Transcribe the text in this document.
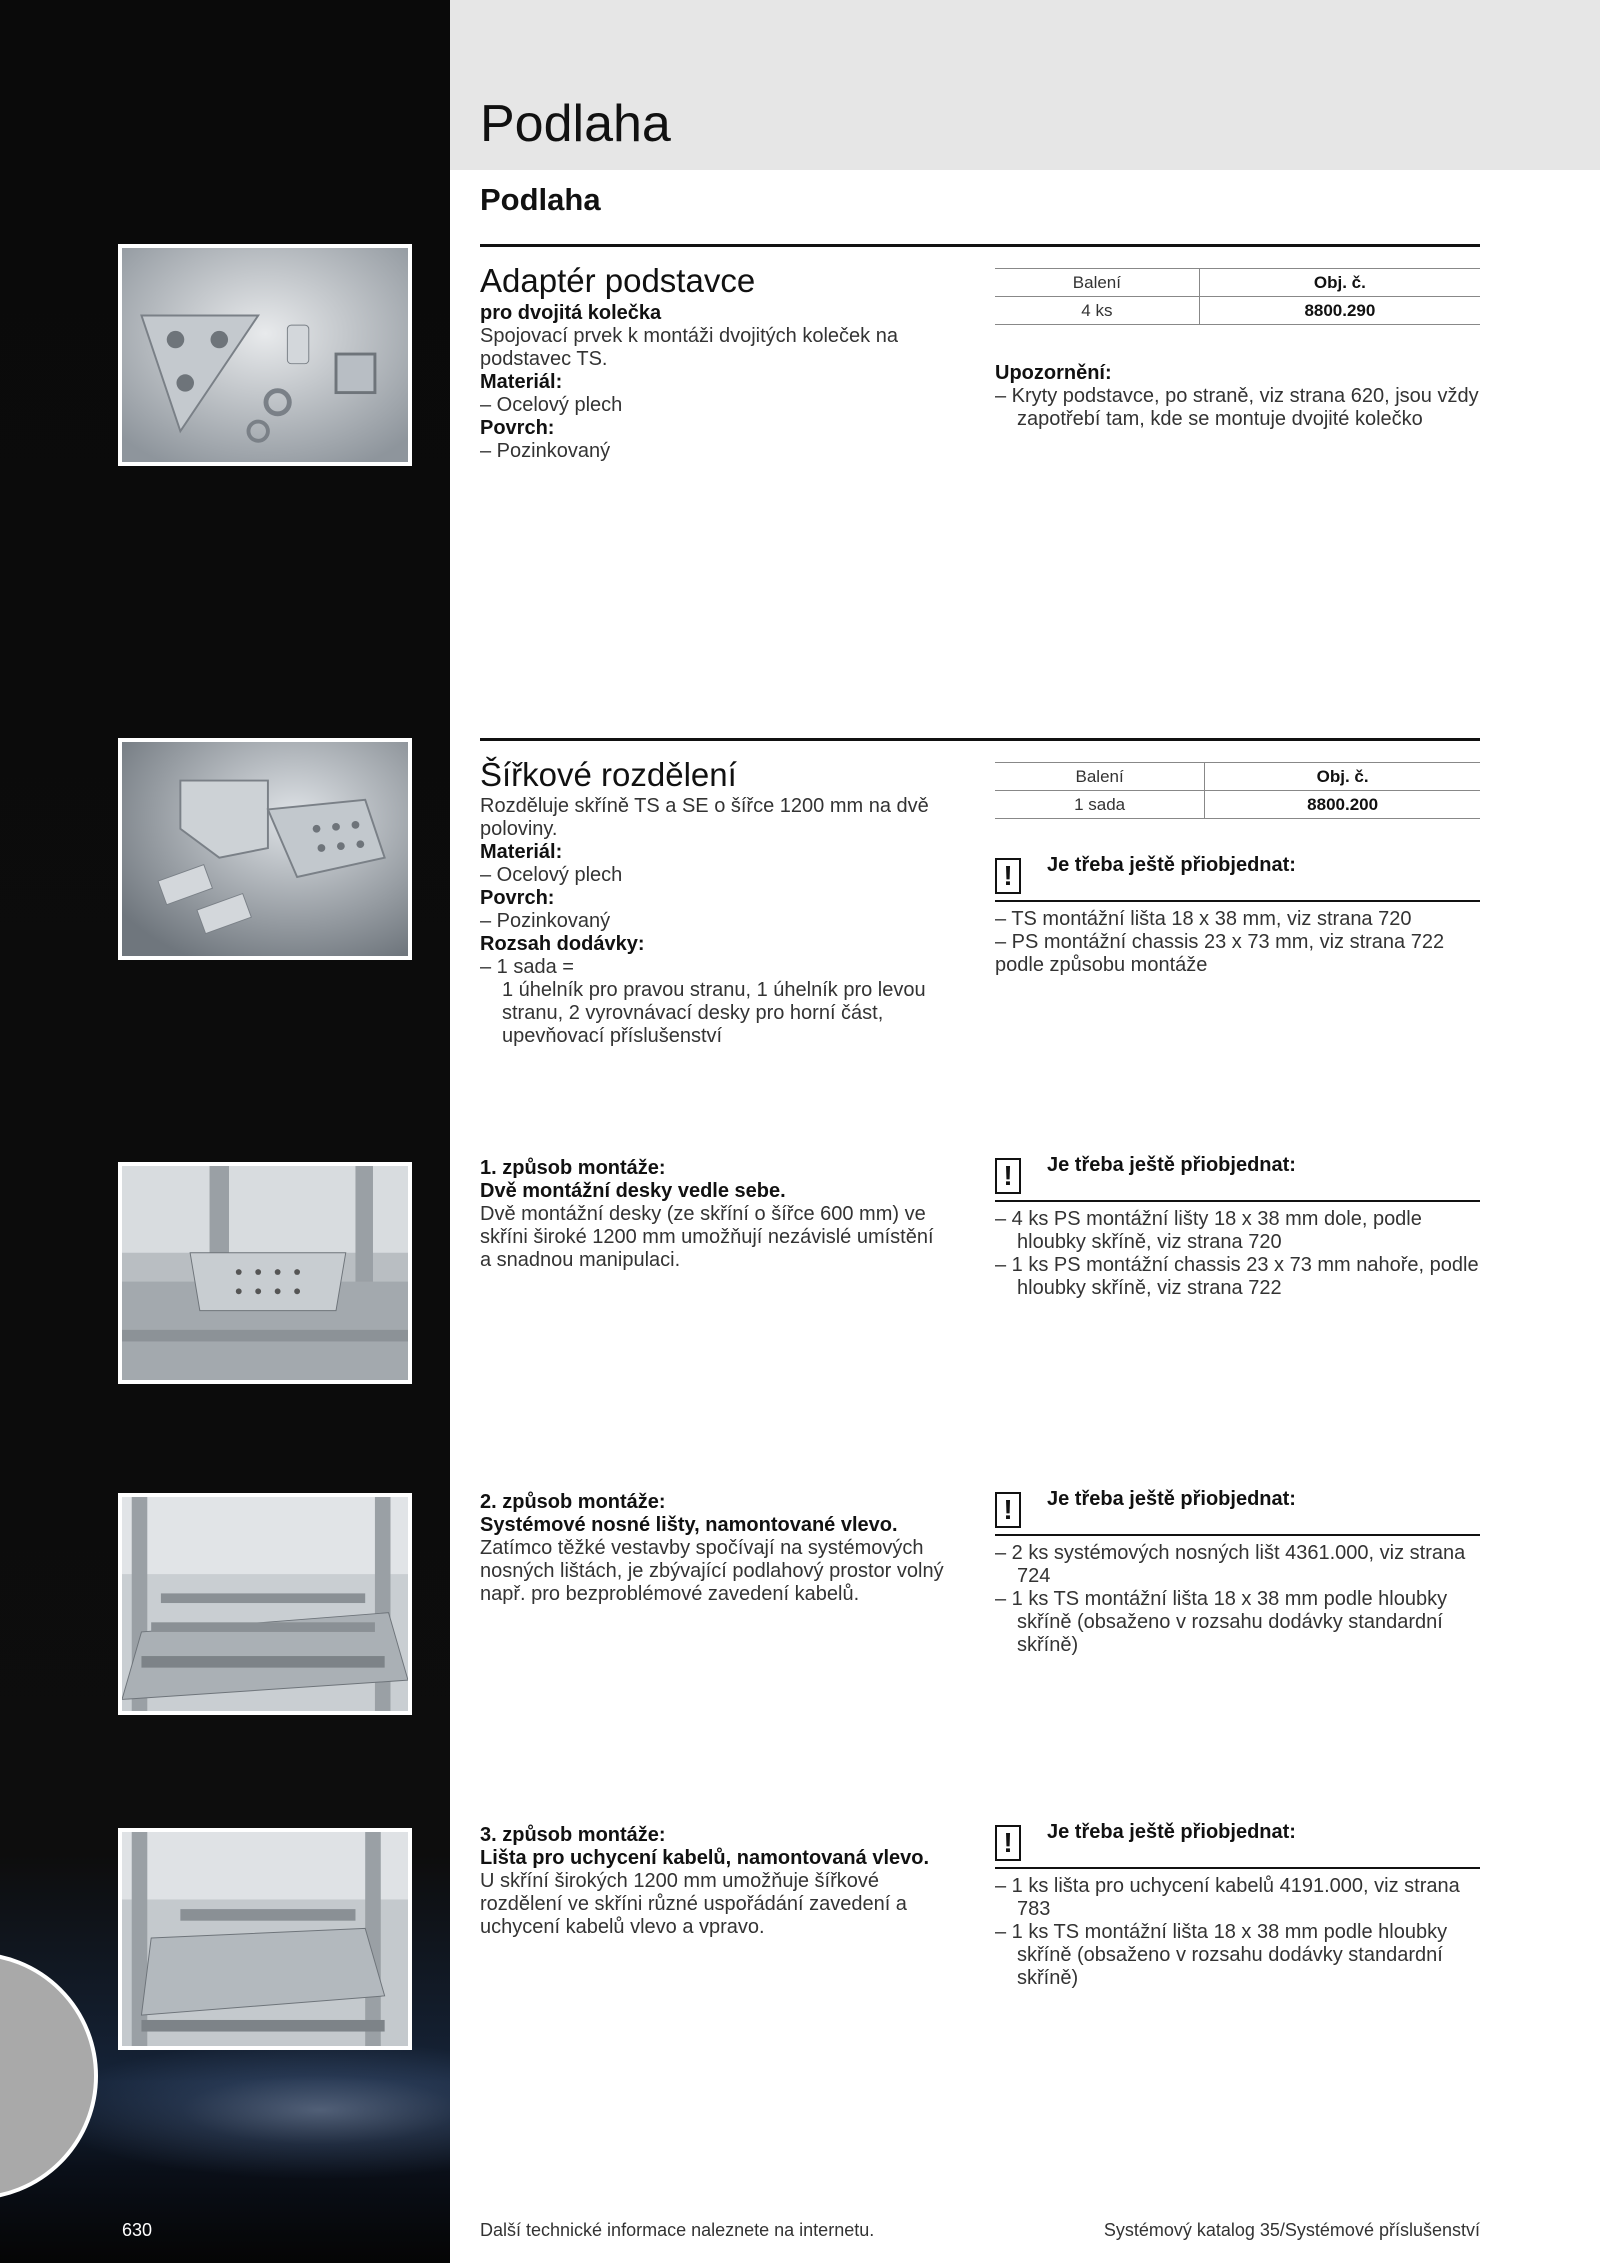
Podlaha
Podlaha
Adaptér podstavce

pro dvojitá kolečka

Spojovací prvek k montáži dvojitých koleček na podstavec TS.

Materiál:

– Ocelový plech

Povrch:

– Pozinkovaný

Balení	Obj. č.
4 ks	8800.290

Upozornění:

– Kryty podstavce, po straně, viz strana 620, jsou vždy zapotřebí tam, kde se montuje dvojité kolečko

Šířkové rozdělení

Rozděluje skříně TS a SE o šířce 1200 mm na dvě poloviny.

Materiál:

– Ocelový plech

Povrch:

– Pozinkovaný

Rozsah dodávky:

– 1 sada =

1 úhelník pro pravou stranu, 1 úhelník pro levou stranu, 2 vyrovnávací desky pro horní část, upevňovací příslušenství

Balení	Obj. č.
1 sada	8800.200
!	Je třeba ještě přiobjednat:

– TS montážní lišta 18 x 38 mm, viz strana 720

– PS montážní chassis 23 x 73 mm, viz strana 722

podle způsobu montáže

1. způsob montáže:

Dvě montážní desky vedle sebe.

Dvě montážní desky (ze skříní o šířce 600 mm) ve skříni široké 1200 mm umožňují nezávislé umístění a snadnou manipulaci.

!	Je třeba ještě přiobjednat:

– 4 ks PS montážní lišty 18 x 38 mm dole, podle hloubky skříně, viz strana 720

– 1 ks PS montážní chassis 23 x 73 mm nahoře, podle hloubky skříně, viz strana 722

2. způsob montáže:

Systémové nosné lišty, namontované vlevo.

Zatímco těžké vestavby spočívají na systémových nosných lištách, je zbývající podlahový prostor volný např. pro bezproblémové zavedení kabelů.

!	Je třeba ještě přiobjednat:

– 2 ks systémových nosných lišt 4361.000, viz strana 724

– 1 ks TS montážní lišta 18 x 38 mm podle hloubky skříně (obsaženo v rozsahu dodávky standardní skříně)

3. způsob montáže:

Lišta pro uchycení kabelů, namontovaná vlevo.

U skříní širokých 1200 mm umožňuje šířkové rozdělení ve skříni různé uspořádání zavedení a uchycení kabelů vlevo a vpravo.

!	Je třeba ještě přiobjednat:

– 1 ks lišta pro uchycení kabelů 4191.000, viz strana 783

– 1 ks TS montážní lišta 18 x 38 mm podle hloubky skříně (obsaženo v rozsahu dodávky standardní skříně)

630	Další technické informace naleznete na internetu.	Systémový katalog 35/Systémové příslušenství
